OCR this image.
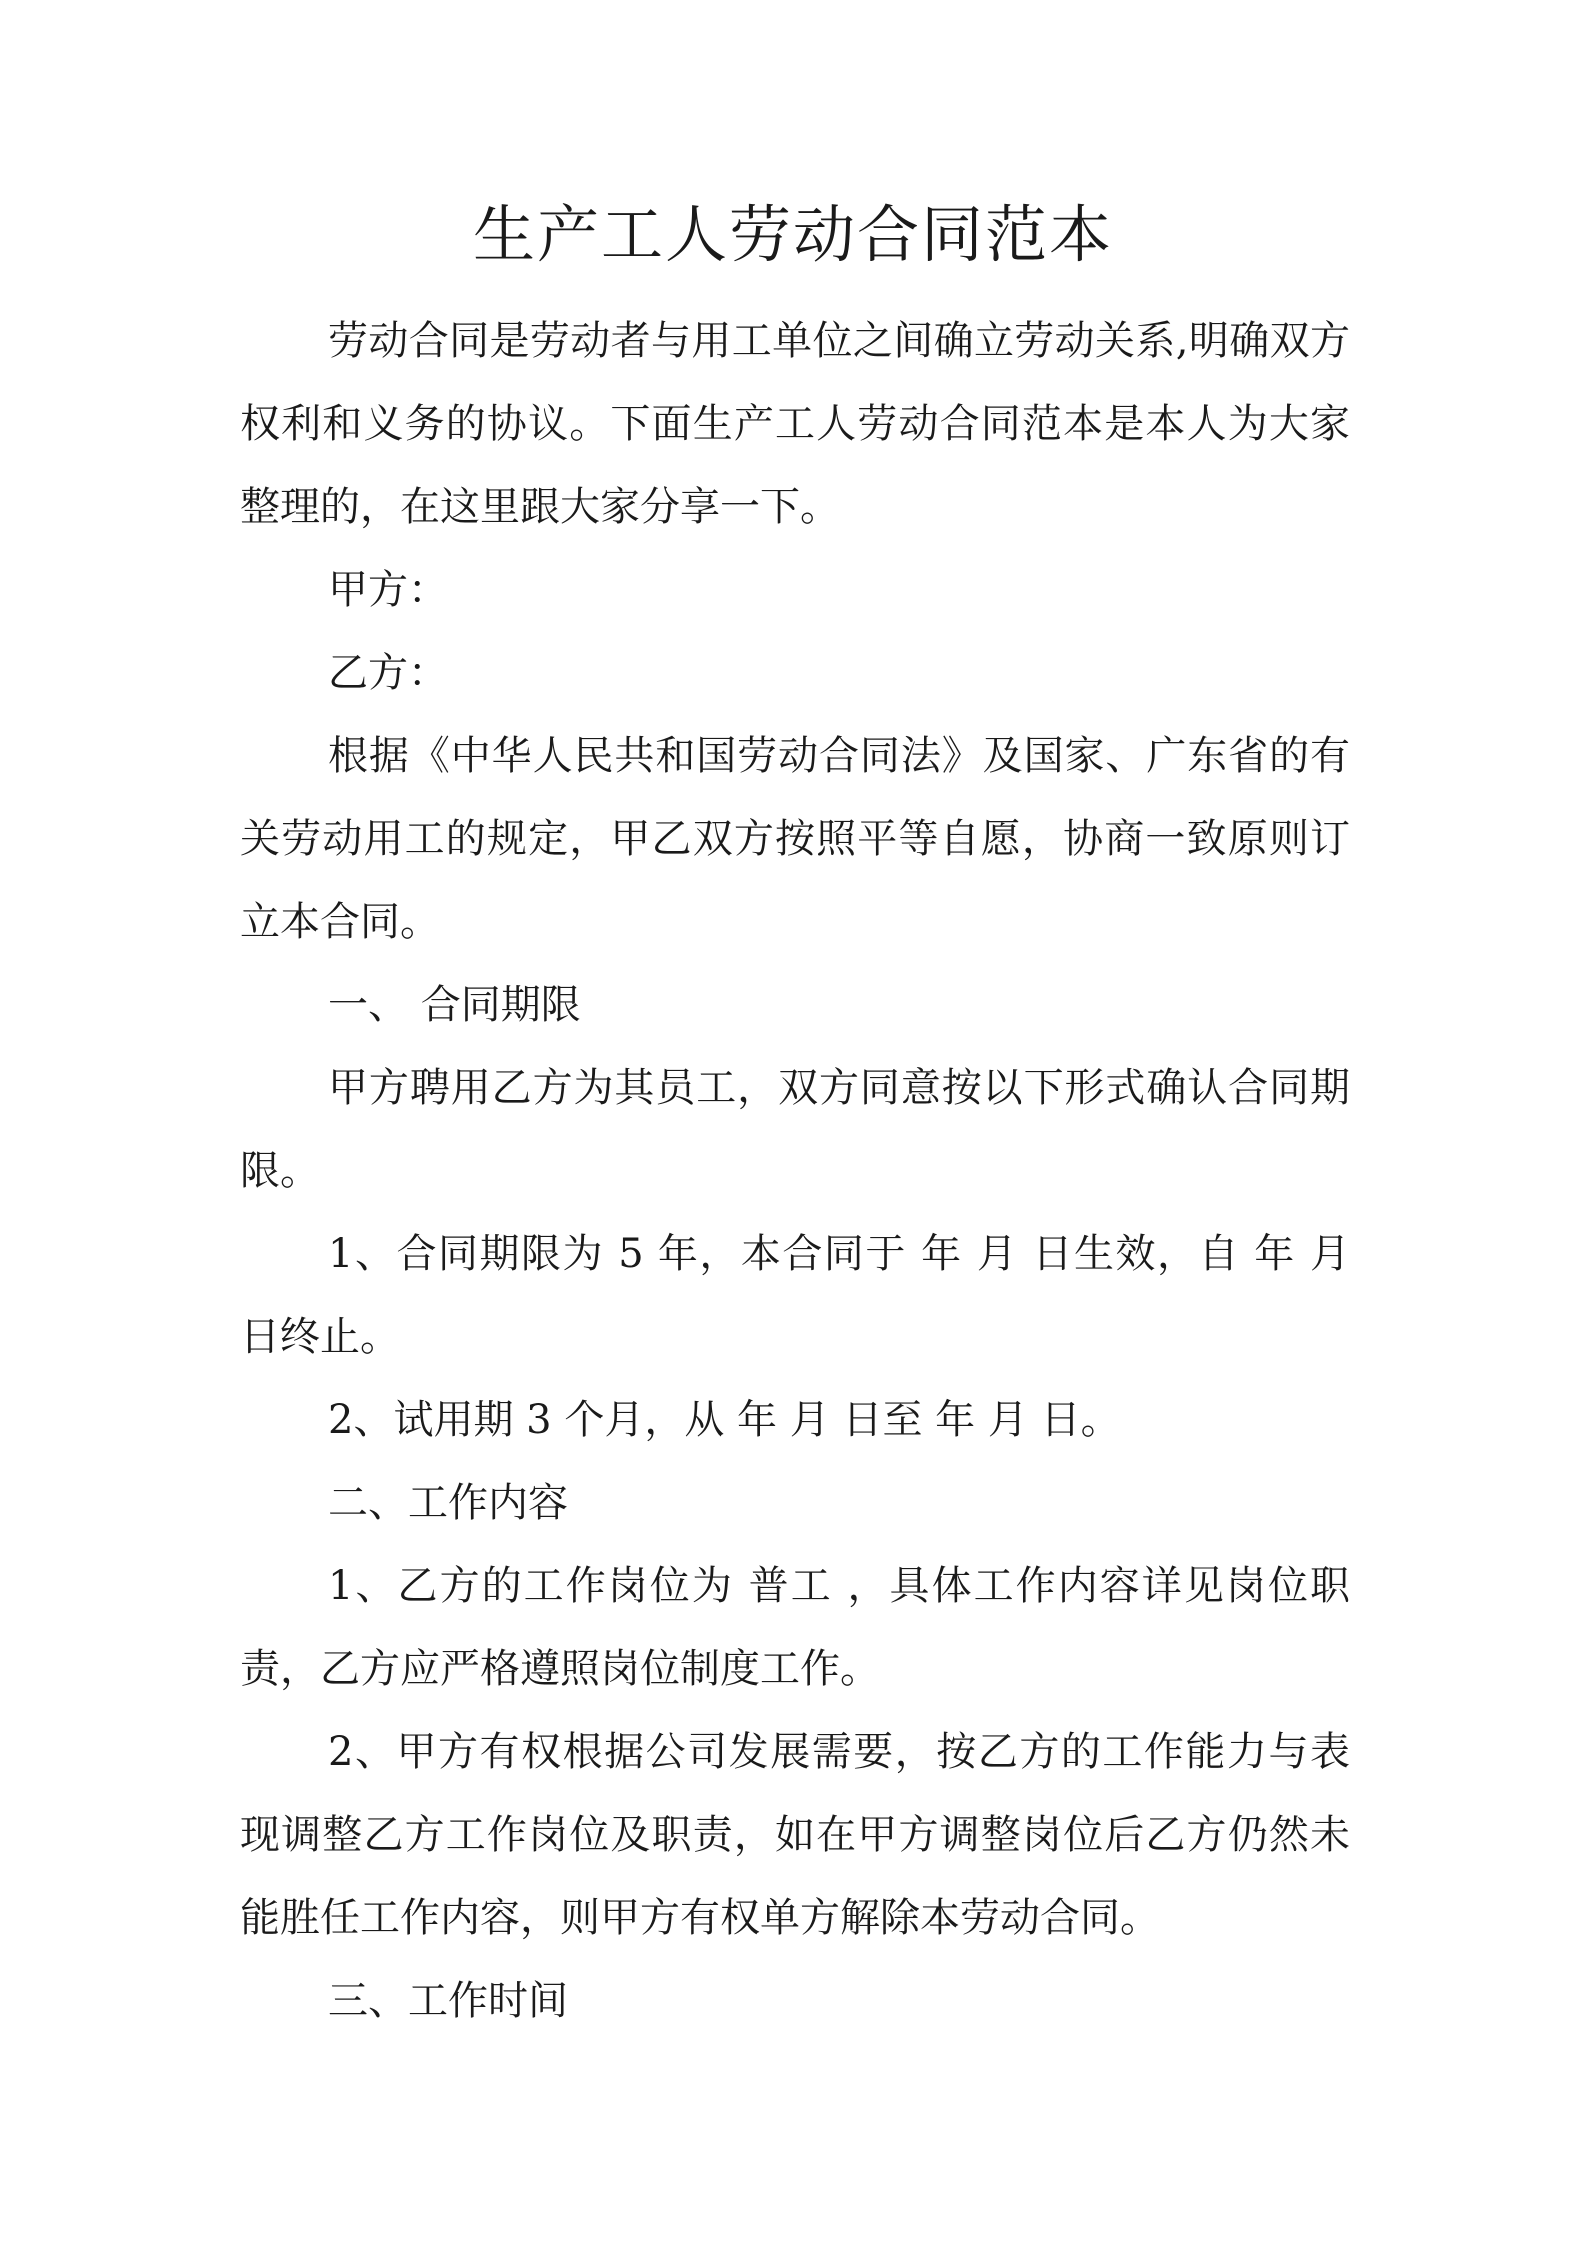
生产工人劳动合同范本

劳动合同是劳动者与用工单位之间确立劳动关系,明确双方权利和义务的协议。下面生产工人劳动合同范本是本人为大家整理的，在这里跟大家分享一下。

甲方：

乙方：

根据《中华人民共和国劳动合同法》及国家、广东省的有关劳动用工的规定，甲乙双方按照平等自愿，协商一致原则订立本合同。

一、 合同期限

甲方聘用乙方为其员工，双方同意按以下形式确认合同期限。

1、合同期限为 5 年，本合同于 年 月 日生效，自 年 月 日终止。

2、试用期 3 个月，从 年 月 日至 年 月 日。

二、工作内容

1、乙方的工作岗位为 普工 ，具体工作内容详见岗位职责，乙方应严格遵照岗位制度工作。

2、甲方有权根据公司发展需要，按乙方的工作能力与表现调整乙方工作岗位及职责，如在甲方调整岗位后乙方仍然未能胜任工作内容，则甲方有权单方解除本劳动合同。

三、工作时间
